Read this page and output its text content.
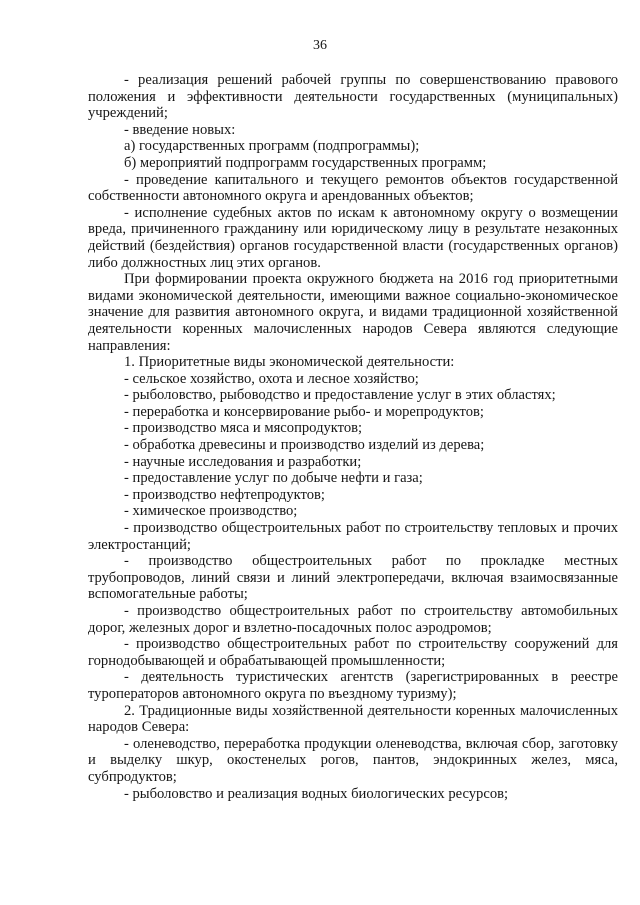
36

- реализация решений рабочей группы по совершенствованию правового положения и эффективности деятельности государственных (муниципальных) учреждений;

- введение новых:

а) государственных программ (подпрограммы);

б) мероприятий подпрограмм государственных программ;

- проведение капитального и текущего ремонтов объектов государственной собственности автономного округа и арендованных объектов;

- исполнение судебных актов по искам к автономному округу о возмещении вреда, причиненного гражданину или юридическому лицу в результате незаконных действий (бездействия) органов государственной власти (государственных органов) либо должностных лиц этих органов.

При формировании проекта окружного бюджета на 2016 год приоритетными видами экономической деятельности, имеющими важное социально-экономическое значение для развития автономного округа, и видами традиционной хозяйственной деятельности коренных малочисленных народов Севера являются следующие направления:

1. Приоритетные виды экономической деятельности:

- сельское хозяйство, охота и лесное хозяйство;

- рыболовство, рыбоводство и предоставление услуг в этих областях;

- переработка и консервирование рыбо- и морепродуктов;

- производство мяса и мясопродуктов;

- обработка древесины и производство изделий из дерева;

- научные исследования и разработки;

- предоставление услуг по добыче нефти и газа;

- производство нефтепродуктов;

- химическое производство;

- производство общестроительных работ по строительству тепловых и прочих электростанций;

- производство общестроительных работ по прокладке местных трубопроводов, линий связи и линий электропередачи, включая взаимосвязанные вспомогательные работы;

- производство общестроительных работ по строительству автомобильных дорог, железных дорог и взлетно-посадочных полос аэродромов;

- производство общестроительных работ по строительству сооружений для горнодобывающей и обрабатывающей промышленности;

- деятельность туристических агентств (зарегистрированных в реестре туроператоров автономного округа по въездному туризму);

2. Традиционные виды хозяйственной деятельности коренных малочисленных народов Севера:

- оленеводство, переработка продукции оленеводства, включая сбор, заготовку и выделку шкур, окостенелых рогов, пантов, эндокринных желез, мяса, субпродуктов;

- рыболовство и реализация водных биологических ресурсов;
